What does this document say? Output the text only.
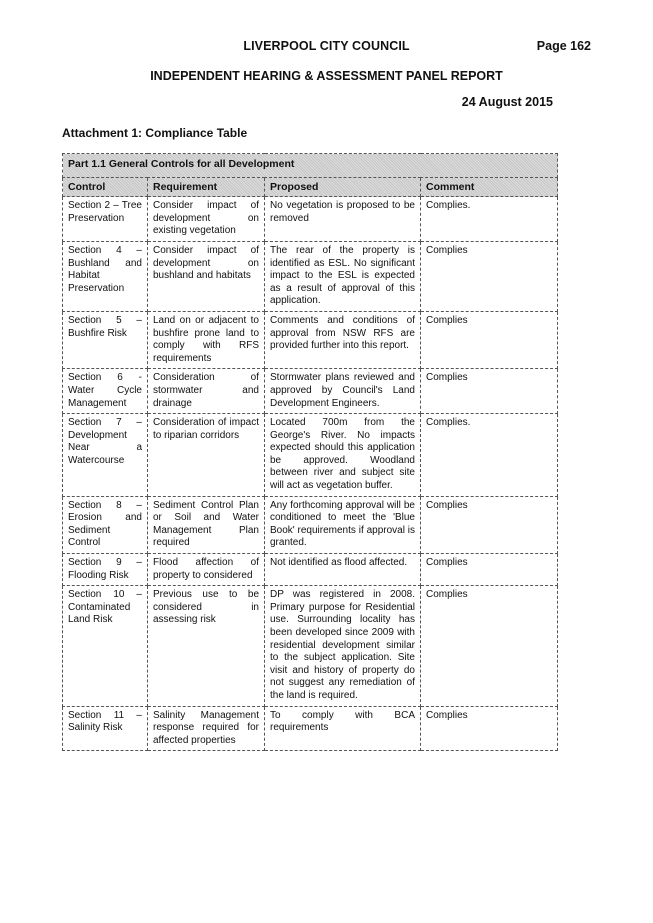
LIVERPOOL CITY COUNCIL	Page 162
INDEPENDENT HEARING & ASSESSMENT PANEL REPORT
24 August 2015
Attachment 1: Compliance Table
Part 1.1 General Controls for all Development			
Control	Requirement	Proposed	Comment
Section 2 – Tree Preservation	Consider impact of development on existing vegetation	No vegetation is proposed to be removed	Complies.
Section 4 – Bushland and Habitat Preservation	Consider impact of development on bushland and habitats	The rear of the property is identified as ESL. No significant impact to the ESL is expected as a result of approval of this application.	Complies
Section 5 – Bushfire Risk	Land on or adjacent to bushfire prone land to comply with RFS requirements	Comments and conditions of approval from NSW RFS are provided further into this report.	Complies
Section 6 - Water Cycle Management	Consideration of stormwater and drainage	Stormwater plans reviewed and approved by Council's Land Development Engineers.	Complies
Section 7 – Development Near a Watercourse	Consideration of impact to riparian corridors	Located 700m from the George's River. No impacts expected should this application be approved. Woodland between river and subject site will act as vegetation buffer.	Complies.
Section 8 – Erosion and Sediment Control	Sediment Control Plan or Soil and Water Management Plan required	Any forthcoming approval will be conditioned to meet the 'Blue Book' requirements if approval is granted.	Complies
Section 9 – Flooding Risk	Flood affection of property to considered	Not identified as flood affected.	Complies
Section 10 – Contaminated Land Risk	Previous use to be considered in assessing risk	DP was registered in 2008. Primary purpose for Residential use. Surrounding locality has been developed since 2009 with residential development similar to the subject application. Site visit and history of property do not suggest any remediation of the land is required.	Complies
Section 11 – Salinity Risk	Salinity Management response required for affected properties	To comply with BCA requirements	Complies
